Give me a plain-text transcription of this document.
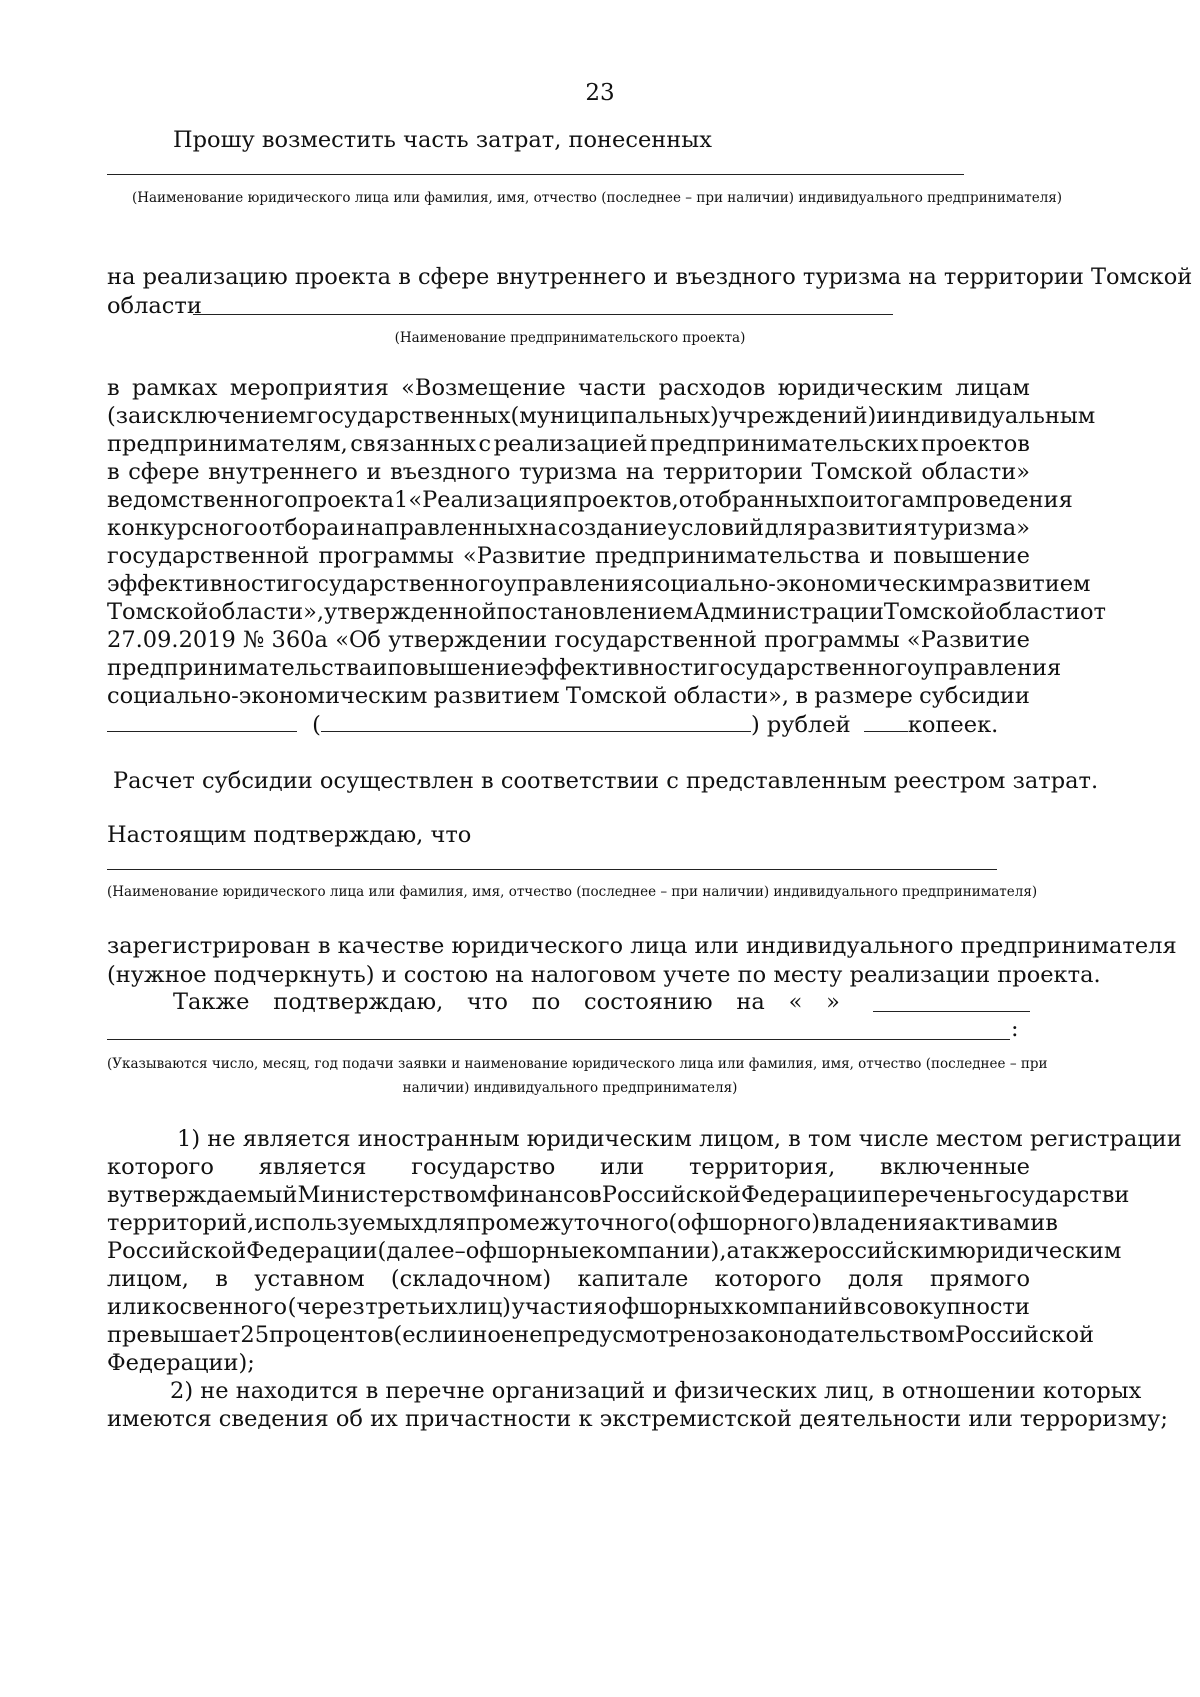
23
Прошу возместить часть затрат, понесенных
(Наименование юридического лица или фамилия, имя, отчество (последнее – при наличии) индивидуального предпринимателя)
на реализацию проекта в сфере внутреннего и въездного туризма на территории Томской
области
(Наименование предпринимательского проекта)
в рамках мероприятия «Возмещение части расходов юридическим лицам
(за исключением государственных (муниципальных) учреждений) и индивидуальным
предпринимателям, связанных с реализацией предпринимательских проектов
в сфере внутреннего и въездного туризма на территории Томской области»
ведомственного проекта 1 «Реализация проектов, отобранных по итогам проведения
конкурсного отбора и направленных на создание условий для развития туризма»
государственной программы «Развитие предпринимательства и повышение
эффективности государственного управления социально-экономическим развитием
Томской области», утвержденной постановлением Администрации Томской области от
27.09.2019 № 360а «Об утверждении государственной программы «Развитие
предпринимательства и повышение эффективности государственного управления
социально-экономическим развитием Томской области», в размере субсидии
(	) рублей	копеек.
Расчет субсидии осуществлен в соответствии с представленным реестром затрат.
Настоящим подтверждаю, что
(Наименование юридического лица или фамилия, имя, отчество (последнее – при наличии) индивидуального предпринимателя)
зарегистрирован в качестве юридического лица или индивидуального предпринимателя
(нужное подчеркнуть) и состою на налоговом учете по месту реализации проекта.
Также подтверждаю, что по состоянию на « »
:
(Указываются число, месяц, год подачи заявки и наименование юридического лица или фамилия, имя, отчество (последнее – при
наличии) индивидуального предпринимателя)
1) не является иностранным юридическим лицом, в том числе местом регистрации
которого является государство или территория, включенные
в утверждаемый Министерством финансов Российской Федерации перечень государств и
территорий, используемых для промежуточного (офшорного) владения активами в
Российской Федерации (далее – офшорные компании), а также российским юридическим
лицом, в уставном (складочном) капитале которого доля прямого
или косвенного (через третьих лиц) участия офшорных компаний в совокупности
превышает 25 процентов (если иное не предусмотрено законодательством Российской
Федерации);
2) не находится в перечне организаций и физических лиц, в отношении которых
имеются сведения об их причастности к экстремистской деятельности или терроризму;
